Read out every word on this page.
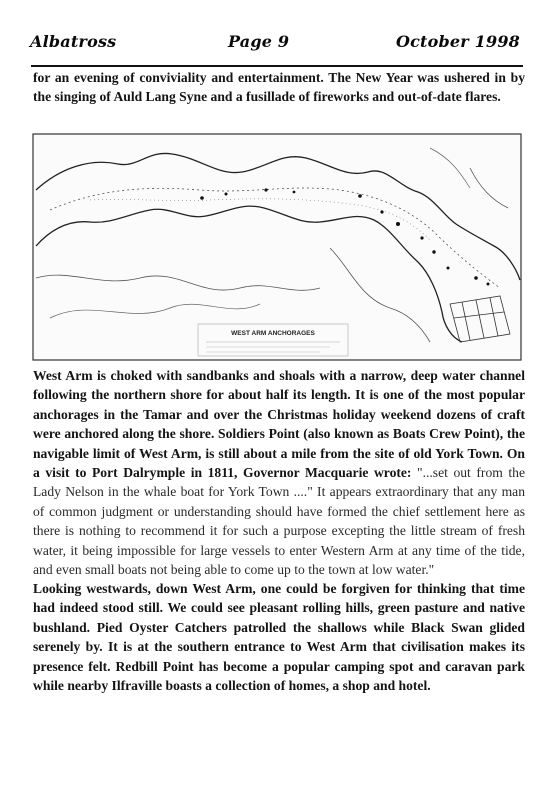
Albatross	Page 9	October 1998

for an evening of conviviality and entertainment. The New Year was ushered in by the singing of Auld Lang Syne and a fusillade of fireworks and out-of-date flares.

WEST ARM ANCHORAGES

West Arm is choked with sandbanks and shoals with a narrow, deep water channel following the northern shore for about half its length. It is one of the most popular anchorages in the Tamar and over the Christmas holiday weekend dozens of craft were anchored along the shore. Soldiers Point (also known as Boats Crew Point), the navigable limit of West Arm, is still about a mile from the site of old York Town. On a visit to Port Dalrymple in 1811, Governor Macquarie wrote: "...set out from the Lady Nelson in the whale boat for York Town ...." It appears extraordinary that any man of common judgment or understanding should have formed the chief settlement here as there is nothing to recommend it for such a purpose excepting the little stream of fresh water, it being impossible for large vessels to enter Western Arm at any time of the tide, and even small boats not being able to come up to the town at low water."

Looking westwards, down West Arm, one could be forgiven for thinking that time had indeed stood still. We could see pleasant rolling hills, green pasture and native bushland. Pied Oyster Catchers patrolled the shallows while Black Swan glided serenely by. It is at the southern entrance to West Arm that civilisation makes its presence felt. Redbill Point has become a popular camping spot and caravan park while nearby Ilfraville boasts a collection of homes, a shop and hotel.
